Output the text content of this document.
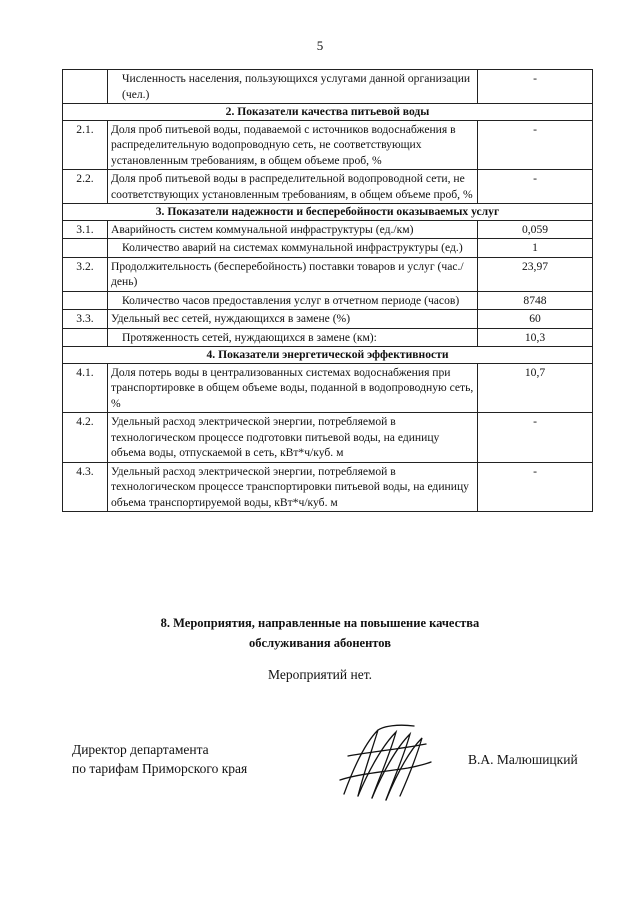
5
	Численность населения, пользующихся услугами данной организации (чел.)	-
2. Показатели качества питьевой воды		
2.1.	Доля проб питьевой воды, подаваемой с источников водоснабжения в распределительную водопроводную сеть, не соответствующих установленным требованиям, в общем объеме проб, %	-
2.2.	Доля проб питьевой воды в распределительной водопроводной сети, не соответствующих установленным требованиям, в общем объеме проб, %	-
3. Показатели надежности и бесперебойности оказываемых услуг		
3.1.	Аварийность систем коммунальной инфраструктуры (ед./км)	0,059
	Количество аварий на системах коммунальной инфраструктуры (ед.)	1
3.2.	Продолжительность (бесперебойность) поставки товаров и услуг (час./день)	23,97
	Количество часов предоставления услуг в отчетном периоде (часов)	8748
3.3.	Удельный вес сетей, нуждающихся в замене (%)	60
	Протяженность сетей, нуждающихся в замене (км):	10,3
4. Показатели энергетической эффективности		
4.1.	Доля потерь воды в централизованных системах водоснабжения при транспортировке в общем объеме воды, поданной в водопроводную сеть, %	10,7
4.2.	Удельный расход электрической энергии, потребляемой в технологическом процессе подготовки питьевой воды, на единицу объема воды, отпускаемой в сеть, кВт*ч/куб. м	-
4.3.	Удельный расход электрической энергии, потребляемой в технологическом процессе транспортировки питьевой воды, на единицу объема транспортируемой воды, кВт*ч/куб. м	-
8. Мероприятия, направленные на повышение качества
обслуживания абонентов
Мероприятий нет.
Директор департамента
по тарифам Приморского края
В.А. Малюшицкий
